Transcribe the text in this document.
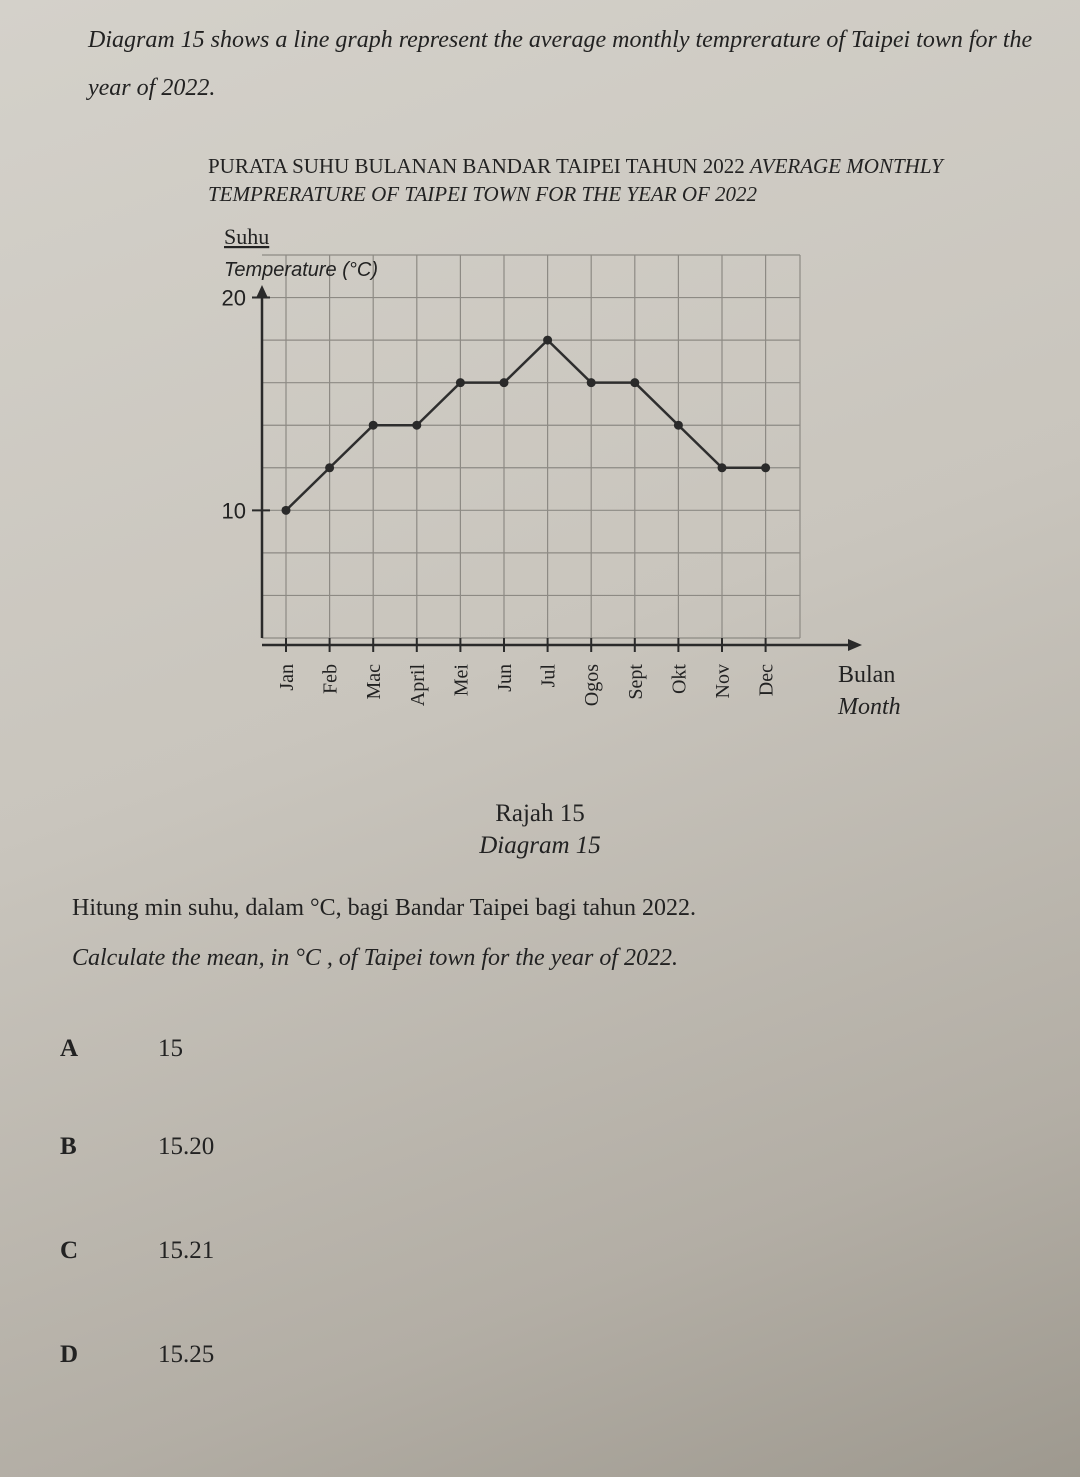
Diagram 15 shows a line graph represent the average monthly temprerature of Taipei town for the year of 2022.
PURATA SUHU BULANAN BANDAR TAIPEI TAHUN 2022 AVERAGE MONTHLY TEMPRERATURE OF TAIPEI TOWN FOR THE YEAR OF 2022
Suhu
Temperature (°C)
Bulan
Month
10
20
Jan Feb Mac April Mei Jun Jul Ogos Sept Okt Nov Dec
Rajah 15
Diagram 15
Hitung min suhu, dalam °C, bagi Bandar Taipei bagi tahun 2022.
Calculate the mean, in °C , of Taipei town for the year of 2022.
A	15
B	15.20
C	15.21
D	15.25
